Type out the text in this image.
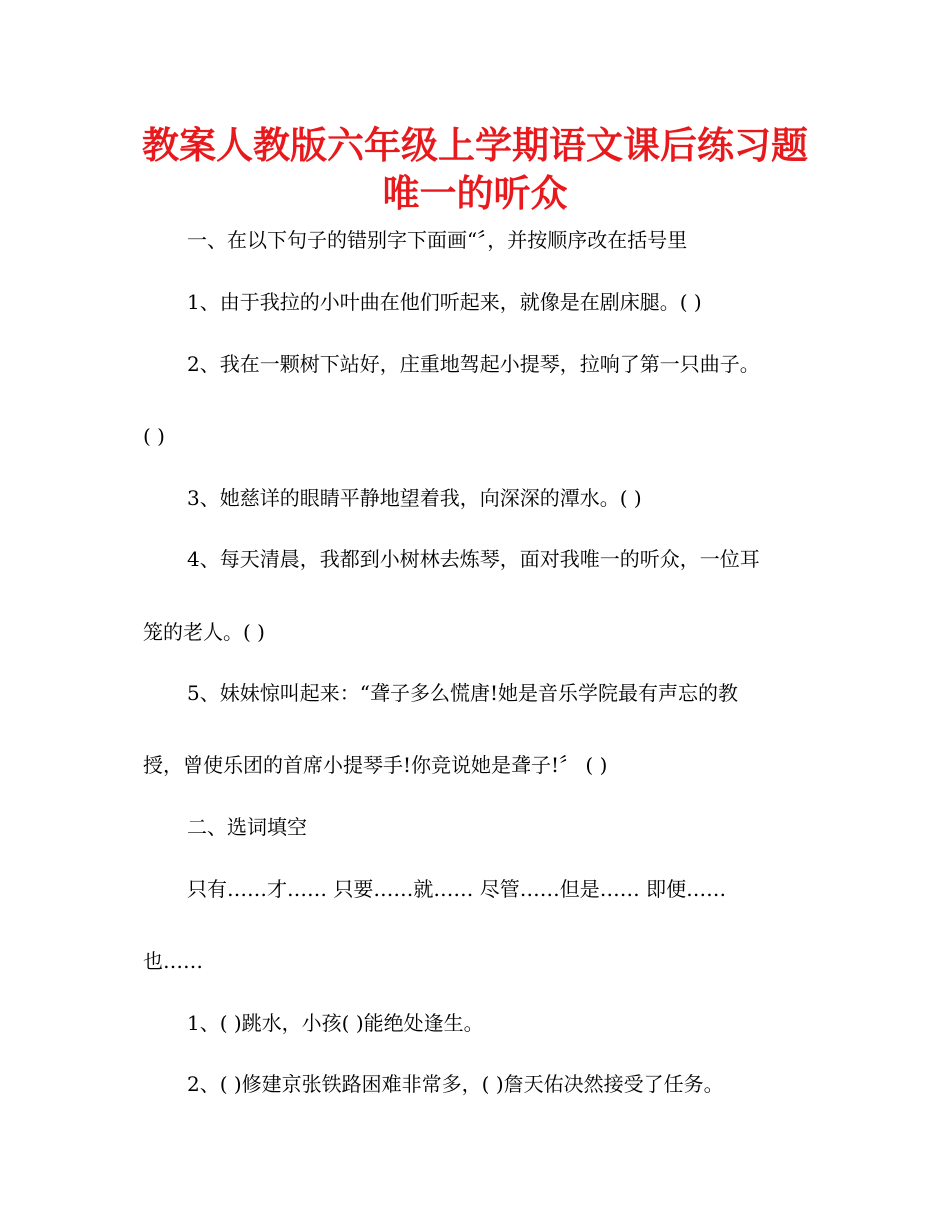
教案人教版六年级上学期语文课后练习题
唯一的听众
一、在以下句子的错别字下面画“〞，并按顺序改在括号里
1、由于我拉的小叶曲在他们听起来，就像是在剧床腿。( )
2、我在一颗树下站好，庄重地驾起小提琴，拉响了第一只曲子。
( )
3、她慈详的眼睛平静地望着我，向深深的潭水。( )
4、每天清晨，我都到小树林去炼琴，面对我唯一的听众，一位耳
笼的老人。( )
5、妹妹惊叫起来：“聋子多么慌唐!她是音乐学院最有声忘的教
授，曾使乐团的首席小提琴手!你竞说她是聋子!〞 ( )
二、选词填空
只有……才…… 只要……就…… 尽管……但是…… 即便……
也……
1、( )跳水，小孩( )能绝处逢生。
2、( )修建京张铁路困难非常多，( )詹天佑决然接受了任务。
